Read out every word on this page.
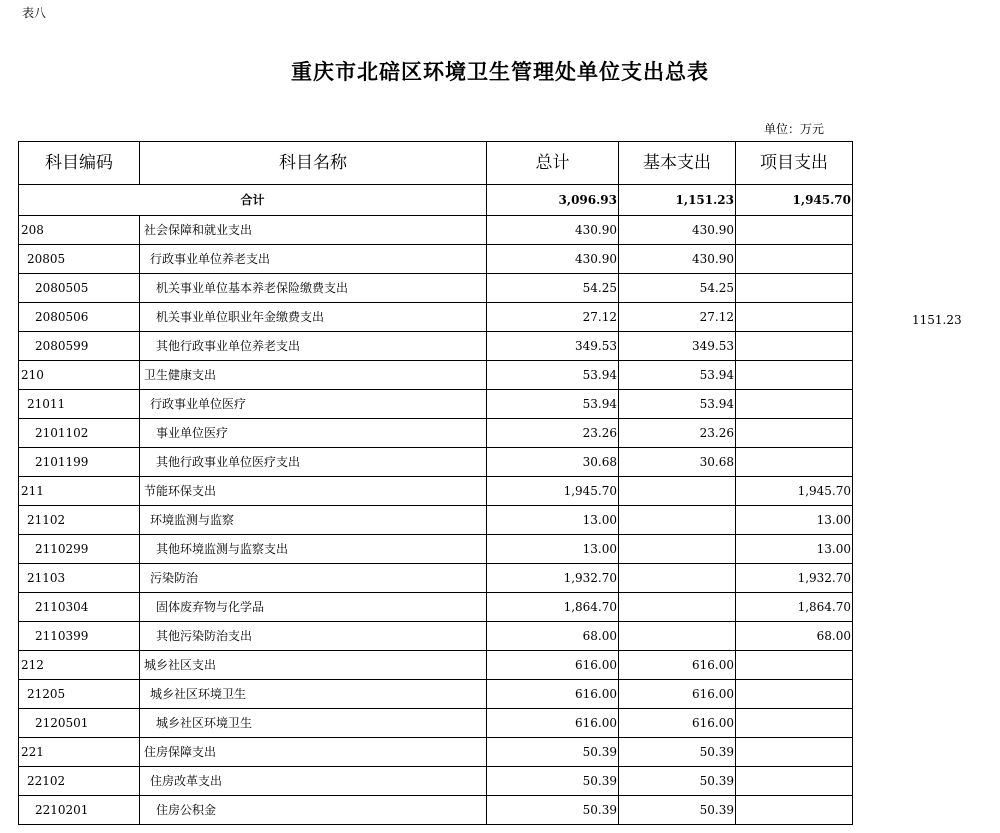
表八
重庆市北碚区环境卫生管理处单位支出总表
单位：万元
1151.23
科目编码	科目名称	总计	基本支出	项目支出
合计		3,096.93	1,151.23	1,945.70
208	社会保障和就业支出	430.90	430.90	
20805	行政事业单位养老支出	430.90	430.90	
2080505	机关事业单位基本养老保险缴费支出	54.25	54.25	
2080506	机关事业单位职业年金缴费支出	27.12	27.12	
2080599	其他行政事业单位养老支出	349.53	349.53	
210	卫生健康支出	53.94	53.94	
21011	行政事业单位医疗	53.94	53.94	
2101102	事业单位医疗	23.26	23.26	
2101199	其他行政事业单位医疗支出	30.68	30.68	
211	节能环保支出	1,945.70		1,945.70
21102	环境监测与监察	13.00		13.00
2110299	其他环境监测与监察支出	13.00		13.00
21103	污染防治	1,932.70		1,932.70
2110304	固体废弃物与化学品	1,864.70		1,864.70
2110399	其他污染防治支出	68.00		68.00
212	城乡社区支出	616.00	616.00	
21205	城乡社区环境卫生	616.00	616.00	
2120501	城乡社区环境卫生	616.00	616.00	
221	住房保障支出	50.39	50.39	
22102	住房改革支出	50.39	50.39	
2210201	住房公积金	50.39	50.39	
